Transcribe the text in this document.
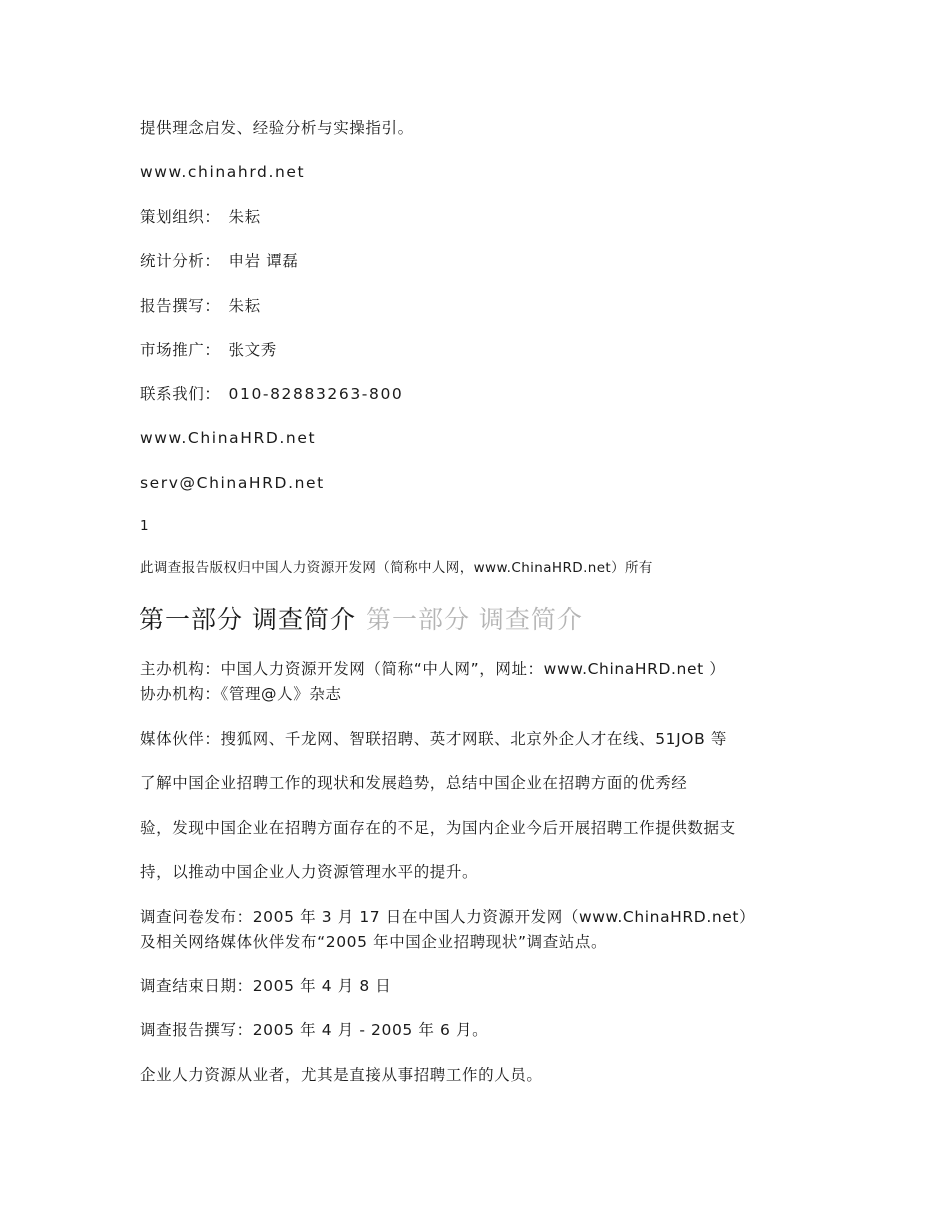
提供理念启发、经验分析与实操指引。
www.chinahrd.net
策划组织： 朱耘
统计分析： 申岩 谭磊
报告撰写： 朱耘
市场推广： 张文秀
联系我们： 010-82883263-800
www.ChinaHRD.net
serv@ChinaHRD.net
1
此调查报告版权归中国人力资源开发网（简称中人网，www.ChinaHRD.net）所有
第一部分 调查简介 第一部分 调查简介
主办机构：中国人力资源开发网（简称“中人网”，网址：www.ChinaHRD.net ）
协办机构：《管理@人》杂志
媒体伙伴：搜狐网、千龙网、智联招聘、英才网联、北京外企人才在线、51JOB 等
了解中国企业招聘工作的现状和发展趋势，总结中国企业在招聘方面的优秀经
验，发现中国企业在招聘方面存在的不足，为国内企业今后开展招聘工作提供数据支
持，以推动中国企业人力资源管理水平的提升。
调查问卷发布：2005 年 3 月 17 日在中国人力资源开发网（www.ChinaHRD.net）
及相关网络媒体伙伴发布“2005 年中国企业招聘现状”调查站点。
调查结束日期：2005 年 4 月 8 日
调查报告撰写：2005 年 4 月 - 2005 年 6 月。
企业人力资源从业者，尤其是直接从事招聘工作的人员。
